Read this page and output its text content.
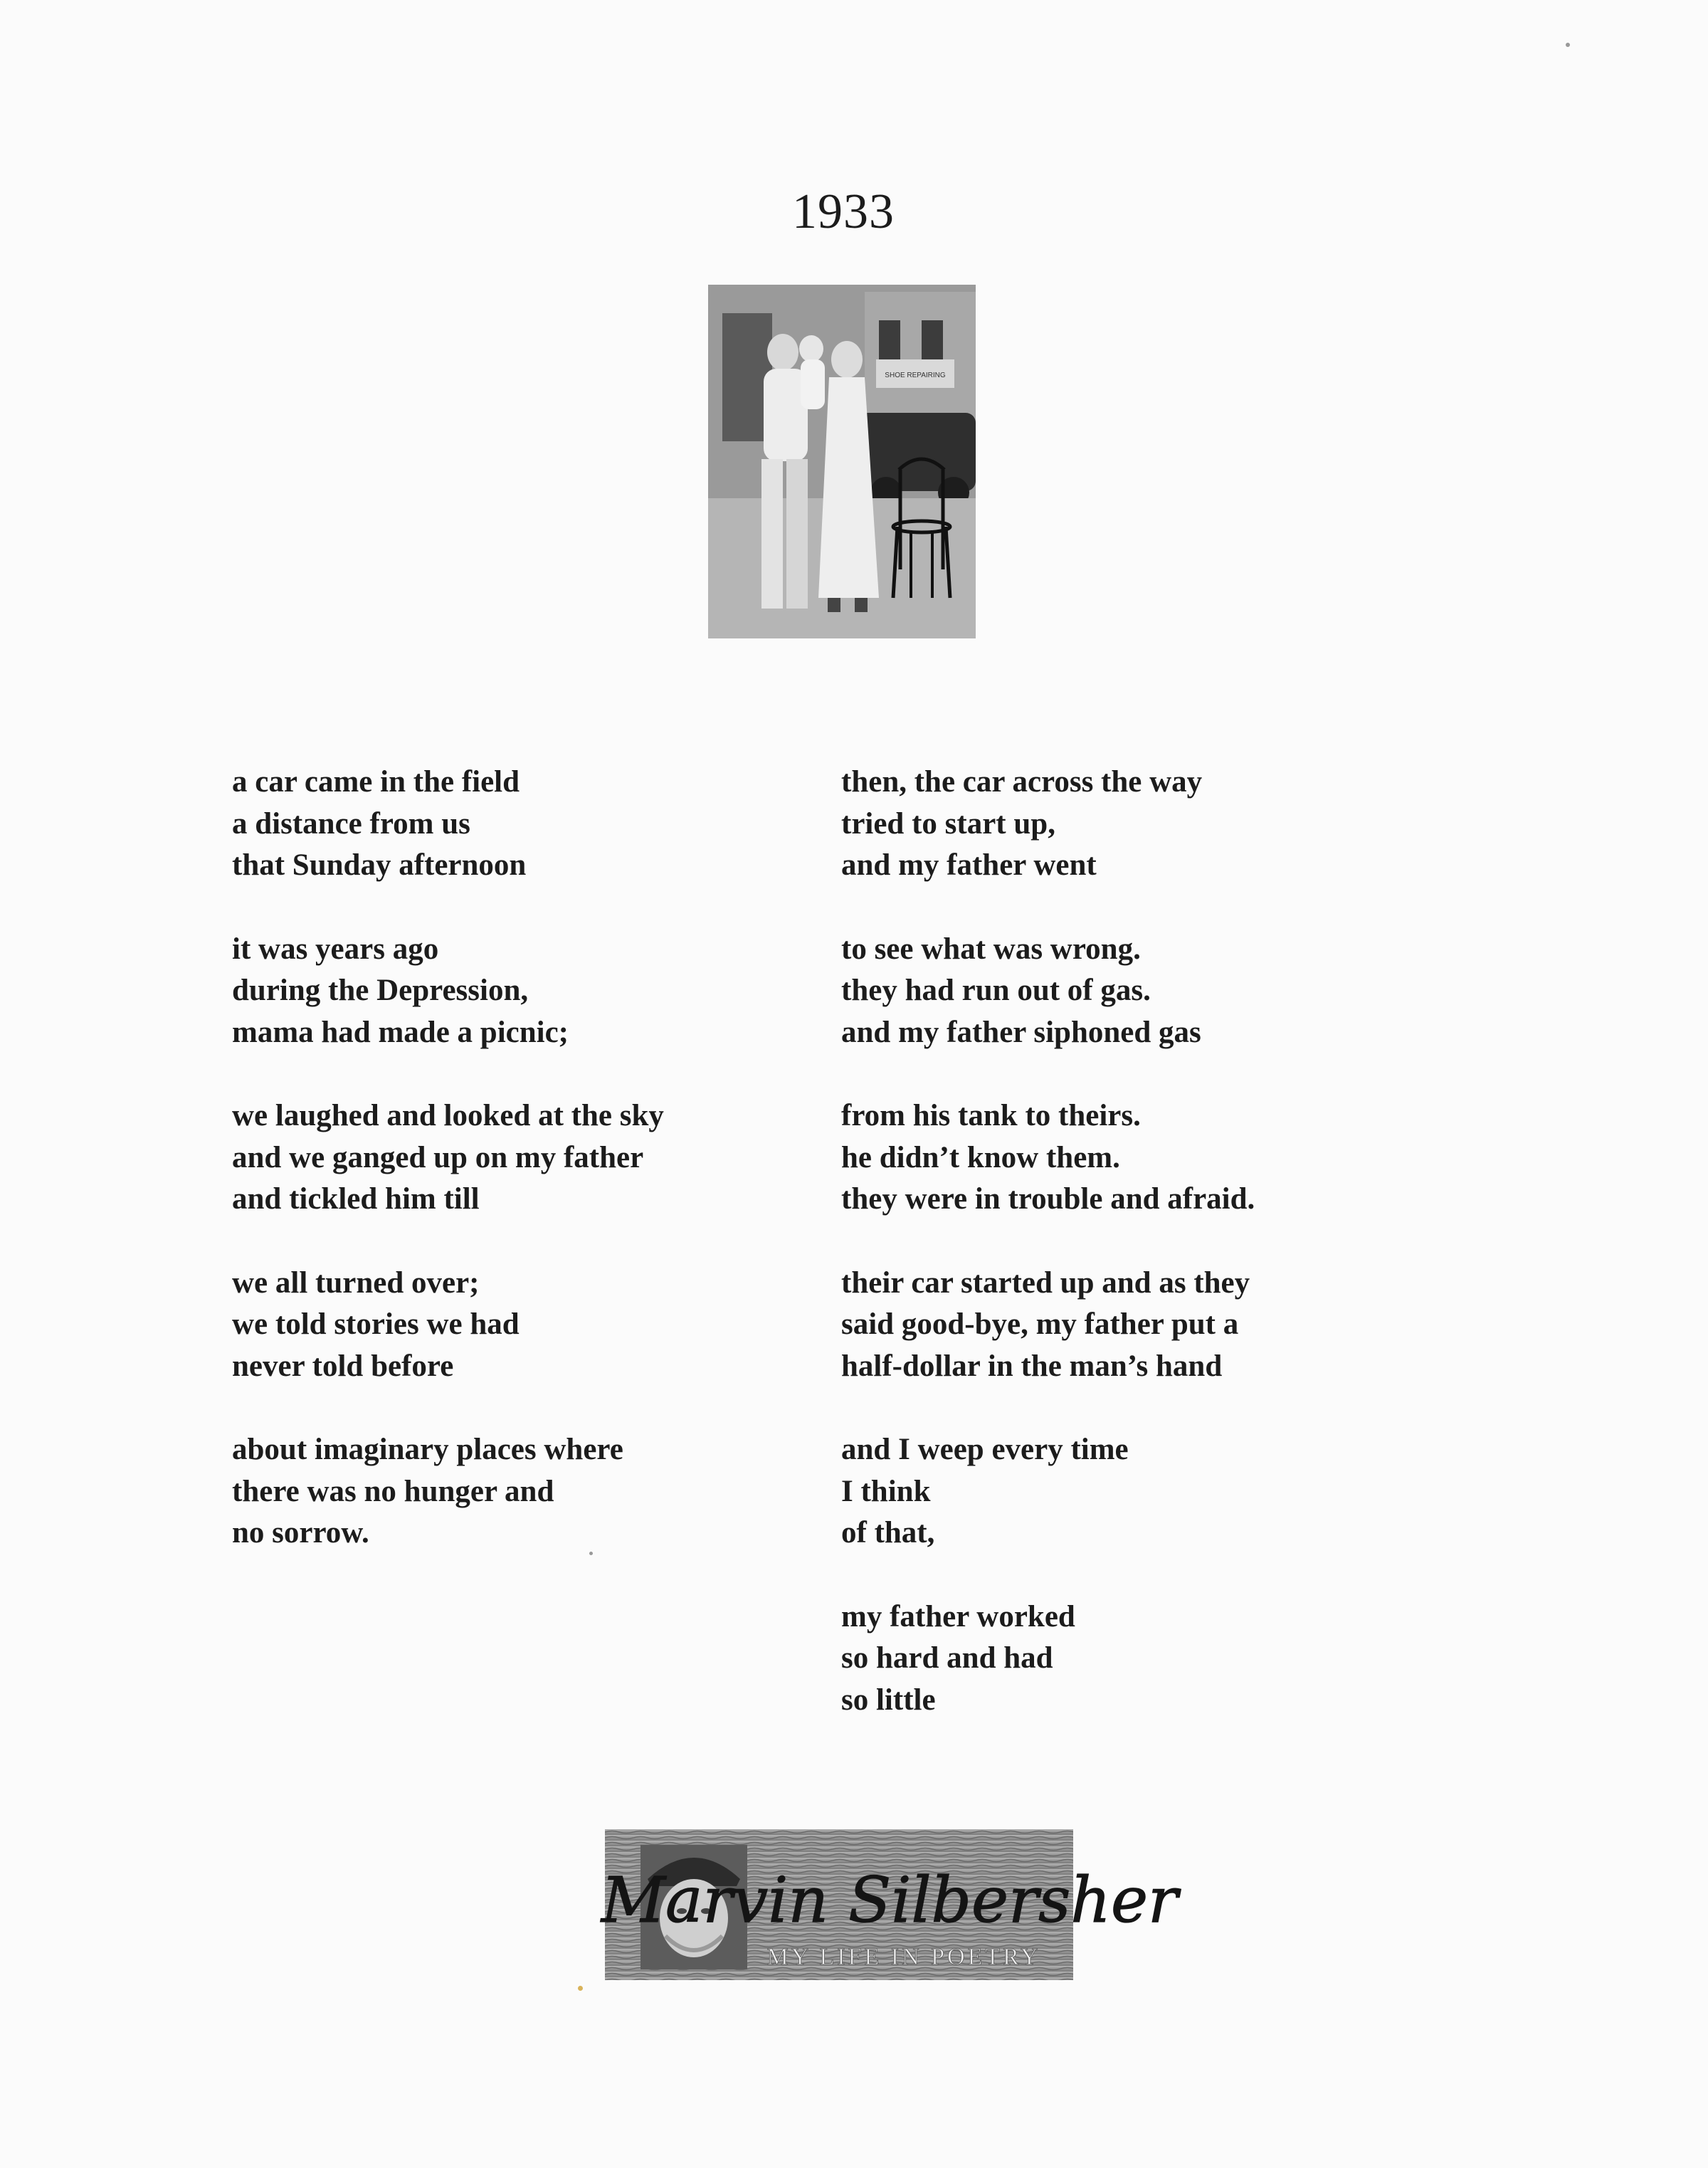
1933
SHOE REPAIRING

a car came in the field

a distance from us

that Sunday afternoon

it was years ago

during the Depression,

mama had made a picnic;

we laughed and looked at the sky

and we ganged up on my father

and tickled him till

we all turned over;

we told stories we had

never told before

about imaginary places where

there was no hunger and

no sorrow.

then, the car across the way

tried to start up,

and my father went

to see what was wrong.

they had run out of gas.

and my father siphoned gas

from his tank to theirs.

he didn’t know them.

they were in trouble and afraid.

their car started up and as they

said good-bye, my father put a

half-dollar in the man’s hand

and I weep every time

I think

of that,

my father worked

so hard and had

so little

Marvin Silbersher
MY LIFE IN POETRY
